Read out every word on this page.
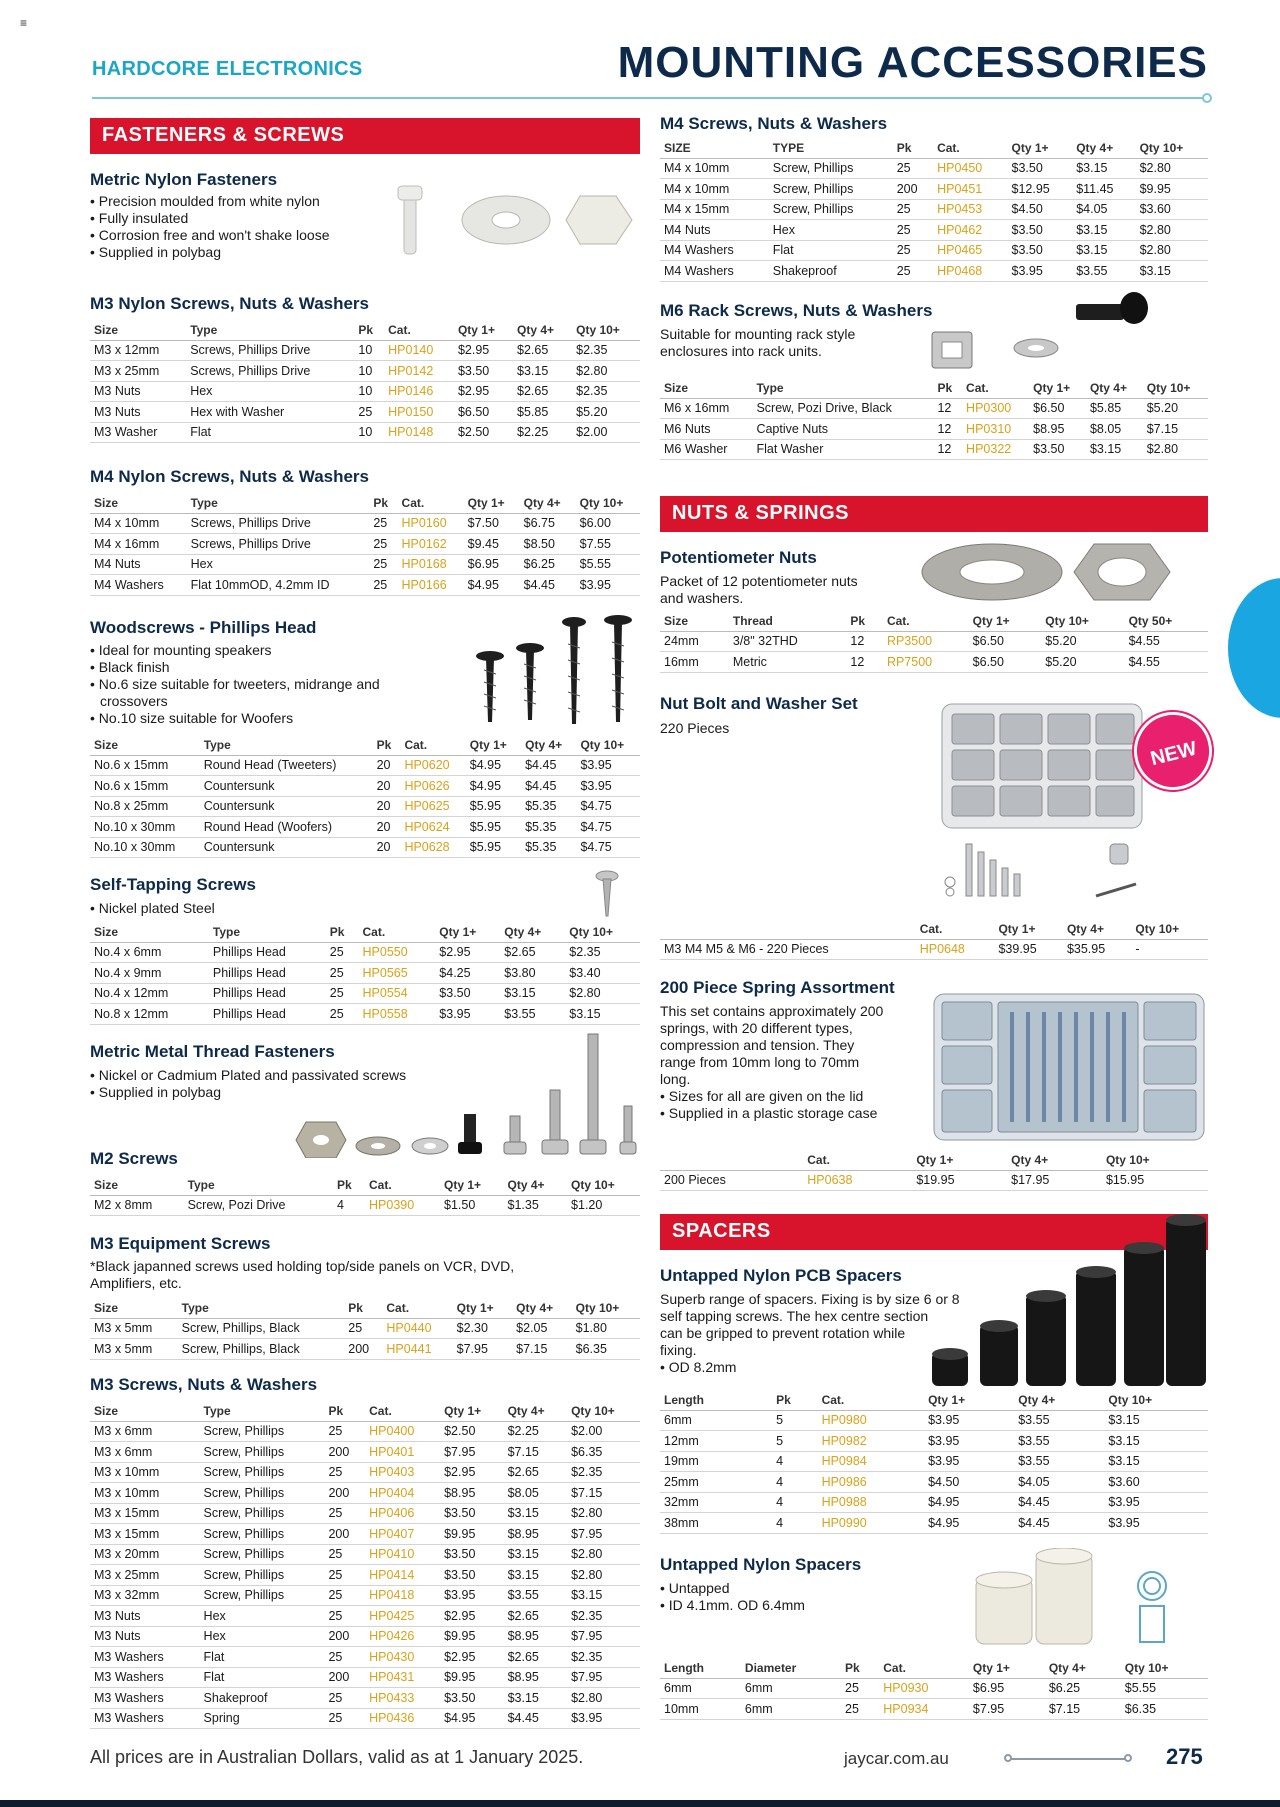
≡
HARDCORE ELECTRONICS	MOUNTING ACCESSORIES
FASTENERS & SCREWS
Metric Nylon Fasteners
• Precision moulded from white nylon
• Fully insulated
• Corrosion free and won't shake loose
• Supplied in polybag
M3 Nylon Screws, Nuts & Washers
Size	Type	Pk	Cat.	Qty 1+	Qty 4+	Qty 10+
M3 x 12mm	Screws, Phillips Drive	10	HP0140	$2.95	$2.65	$2.35
M3 x 25mm	Screws, Phillips Drive	10	HP0142	$3.50	$3.15	$2.80
M3 Nuts	Hex	10	HP0146	$2.95	$2.65	$2.35
M3 Nuts	Hex with Washer	25	HP0150	$6.50	$5.85	$5.20
M3 Washer	Flat	10	HP0148	$2.50	$2.25	$2.00
M4 Nylon Screws, Nuts & Washers
Size	Type	Pk	Cat.	Qty 1+	Qty 4+	Qty 10+
M4 x 10mm	Screws, Phillips Drive	25	HP0160	$7.50	$6.75	$6.00
M4 x 16mm	Screws, Phillips Drive	25	HP0162	$9.45	$8.50	$7.55
M4 Nuts	Hex	25	HP0168	$6.95	$6.25	$5.55
M4 Washers	Flat 10mmOD, 4.2mm ID	25	HP0166	$4.95	$4.45	$3.95
Woodscrews - Phillips Head
• Ideal for mounting speakers
• Black finish
• No.6 size suitable for tweeters, midrange and
crossovers
• No.10 size suitable for Woofers
Size	Type	Pk	Cat.	Qty 1+	Qty 4+	Qty 10+
No.6 x 15mm	Round Head (Tweeters)	20	HP0620	$4.95	$4.45	$3.95
No.6 x 15mm	Countersunk	20	HP0626	$4.95	$4.45	$3.95
No.8 x 25mm	Countersunk	20	HP0625	$5.95	$5.35	$4.75
No.10 x 30mm	Round Head (Woofers)	20	HP0624	$5.95	$5.35	$4.75
No.10 x 30mm	Countersunk	20	HP0628	$5.95	$5.35	$4.75
Self-Tapping Screws
• Nickel plated Steel
Size	Type	Pk	Cat.	Qty 1+	Qty 4+	Qty 10+
No.4 x 6mm	Phillips Head	25	HP0550	$2.95	$2.65	$2.35
No.4 x 9mm	Phillips Head	25	HP0565	$4.25	$3.80	$3.40
No.4 x 12mm	Phillips Head	25	HP0554	$3.50	$3.15	$2.80
No.8 x 12mm	Phillips Head	25	HP0558	$3.95	$3.55	$3.15
Metric Metal Thread Fasteners
• Nickel or Cadmium Plated and passivated screws
• Supplied in polybag
M2 Screws
Size	Type	Pk	Cat.	Qty 1+	Qty 4+	Qty 10+
M2 x 8mm	Screw, Pozi Drive	4	HP0390	$1.50	$1.35	$1.20
M3 Equipment Screws
*Black japanned screws used holding top/side panels on VCR, DVD,
Amplifiers, etc.
Size	Type	Pk	Cat.	Qty 1+	Qty 4+	Qty 10+
M3 x 5mm	Screw, Phillips, Black	25	HP0440	$2.30	$2.05	$1.80
M3 x 5mm	Screw, Phillips, Black	200	HP0441	$7.95	$7.15	$6.35
M3 Screws, Nuts & Washers
Size	Type	Pk	Cat.	Qty 1+	Qty 4+	Qty 10+
M3 x 6mm	Screw, Phillips	25	HP0400	$2.50	$2.25	$2.00
M3 x 6mm	Screw, Phillips	200	HP0401	$7.95	$7.15	$6.35
M3 x 10mm	Screw, Phillips	25	HP0403	$2.95	$2.65	$2.35
M3 x 10mm	Screw, Phillips	200	HP0404	$8.95	$8.05	$7.15
M3 x 15mm	Screw, Phillips	25	HP0406	$3.50	$3.15	$2.80
M3 x 15mm	Screw, Phillips	200	HP0407	$9.95	$8.95	$7.95
M3 x 20mm	Screw, Phillips	25	HP0410	$3.50	$3.15	$2.80
M3 x 25mm	Screw, Phillips	25	HP0414	$3.50	$3.15	$2.80
M3 x 32mm	Screw, Phillips	25	HP0418	$3.95	$3.55	$3.15
M3 Nuts	Hex	25	HP0425	$2.95	$2.65	$2.35
M3 Nuts	Hex	200	HP0426	$9.95	$8.95	$7.95
M3 Washers	Flat	25	HP0430	$2.95	$2.65	$2.35
M3 Washers	Flat	200	HP0431	$9.95	$8.95	$7.95
M3 Washers	Shakeproof	25	HP0433	$3.50	$3.15	$2.80
M3 Washers	Spring	25	HP0436	$4.95	$4.45	$3.95
M4 Screws, Nuts & Washers
SIZE	TYPE	Pk	Cat.	Qty 1+	Qty 4+	Qty 10+
M4 x 10mm	Screw, Phillips	25	HP0450	$3.50	$3.15	$2.80
M4 x 10mm	Screw, Phillips	200	HP0451	$12.95	$11.45	$9.95
M4 x 15mm	Screw, Phillips	25	HP0453	$4.50	$4.05	$3.60
M4 Nuts	Hex	25	HP0462	$3.50	$3.15	$2.80
M4 Washers	Flat	25	HP0465	$3.50	$3.15	$2.80
M4 Washers	Shakeproof	25	HP0468	$3.95	$3.55	$3.15
M6 Rack Screws, Nuts & Washers
Suitable for mounting rack style
enclosures into rack units.
Size	Type	Pk	Cat.	Qty 1+	Qty 4+	Qty 10+
M6 x 16mm	Screw, Pozi Drive, Black	12	HP0300	$6.50	$5.85	$5.20
M6 Nuts	Captive Nuts	12	HP0310	$8.95	$8.05	$7.15
M6 Washer	Flat Washer	12	HP0322	$3.50	$3.15	$2.80
NUTS & SPRINGS
Potentiometer Nuts
Packet of 12 potentiometer nuts
and washers.
Size	Thread	Pk	Cat.	Qty 1+	Qty 10+	Qty 50+
24mm	3/8" 32THD	12	RP3500	$6.50	$5.20	$4.55
16mm	Metric	12	RP7500	$6.50	$5.20	$4.55
Nut Bolt and Washer Set
220 Pieces
NEW
	Cat.	Qty 1+	Qty 4+	Qty 10+
M3 M4 M5 & M6 - 220 Pieces	HP0648	$39.95	$35.95	-
200 Piece Spring Assortment
This set contains approximately 200
springs, with 20 different types,
compression and tension. They
range from 10mm long to 70mm
long.
• Sizes for all are given on the lid
• Supplied in a plastic storage case
	Cat.	Qty 1+	Qty 4+	Qty 10+
200 Pieces	HP0638	$19.95	$17.95	$15.95
SPACERS
Untapped Nylon PCB Spacers
Superb range of spacers. Fixing is by size 6 or 8
self tapping screws. The hex centre section
can be gripped to prevent rotation while
fixing.
• OD 8.2mm
Length		Pk	Cat.	Qty 1+	Qty 4+	Qty 10+
6mm		5	HP0980	$3.95	$3.55	$3.15
12mm		5	HP0982	$3.95	$3.55	$3.15
19mm		4	HP0984	$3.95	$3.55	$3.15
25mm		4	HP0986	$4.50	$4.05	$3.60
32mm		4	HP0988	$4.95	$4.45	$3.95
38mm		4	HP0990	$4.95	$4.45	$3.95
Untapped Nylon Spacers
• Untapped
• ID 4.1mm. OD 6.4mm
Length	Diameter	Pk	Cat.	Qty 1+	Qty 4+	Qty 10+
6mm	6mm	25	HP0930	$6.95	$6.25	$5.55
10mm	6mm	25	HP0934	$7.95	$7.15	$6.35
All prices are in Australian Dollars, valid as at 1 January 2025.	jaycar.com.au	275
